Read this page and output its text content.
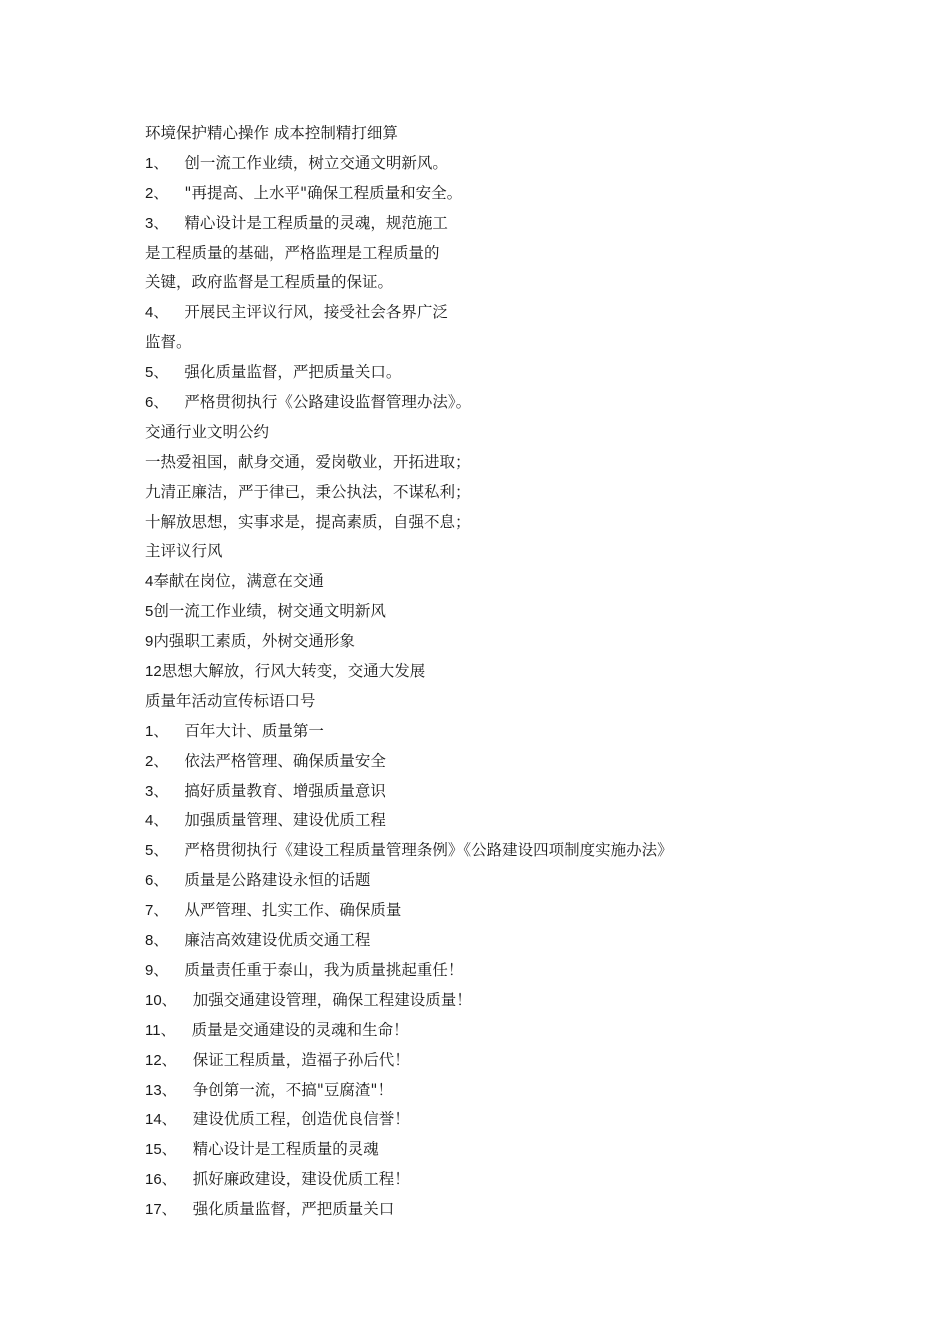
环境保护精心操作 成本控制精打细算
1、 创一流工作业绩，树立交通文明新风。
2、 "再提高、上水平"确保工程质量和安全。
3、 精心设计是工程质量的灵魂，规范施工
是工程质量的基础，严格监理是工程质量的
关键，政府监督是工程质量的保证。
4、 开展民主评议行风，接受社会各界广泛
监督。
5、 强化质量监督，严把质量关口。
6、 严格贯彻执行《公路建设监督管理办法》。
交通行业文明公约
一热爱祖国，献身交通，爱岗敬业，开拓进取；
九清正廉洁，严于律已，秉公执法，不谋私利；
十解放思想，实事求是，提高素质，自强不息；
主评议行风
4奉献在岗位，满意在交通
5创一流工作业绩，树交通文明新风
9内强职工素质，外树交通形象
12思想大解放，行风大转变，交通大发展
质量年活动宣传标语口号
1、 百年大计、质量第一
2、 依法严格管理、确保质量安全
3、 搞好质量教育、增强质量意识
4、 加强质量管理、建设优质工程
5、 严格贯彻执行《建设工程质量管理条例》《公路建设四项制度实施办法》
6、 质量是公路建设永恒的话题
7、 从严管理、扎实工作、确保质量
8、 廉洁高效建设优质交通工程
9、 质量责任重于泰山，我为质量挑起重任！
10、 加强交通建设管理，确保工程建设质量！
11、 质量是交通建设的灵魂和生命！
12、 保证工程质量，造福子孙后代！
13、 争创第一流，不搞"豆腐渣"！
14、 建设优质工程，创造优良信誉！
15、 精心设计是工程质量的灵魂
16、 抓好廉政建设，建设优质工程！
17、 强化质量监督，严把质量关口
